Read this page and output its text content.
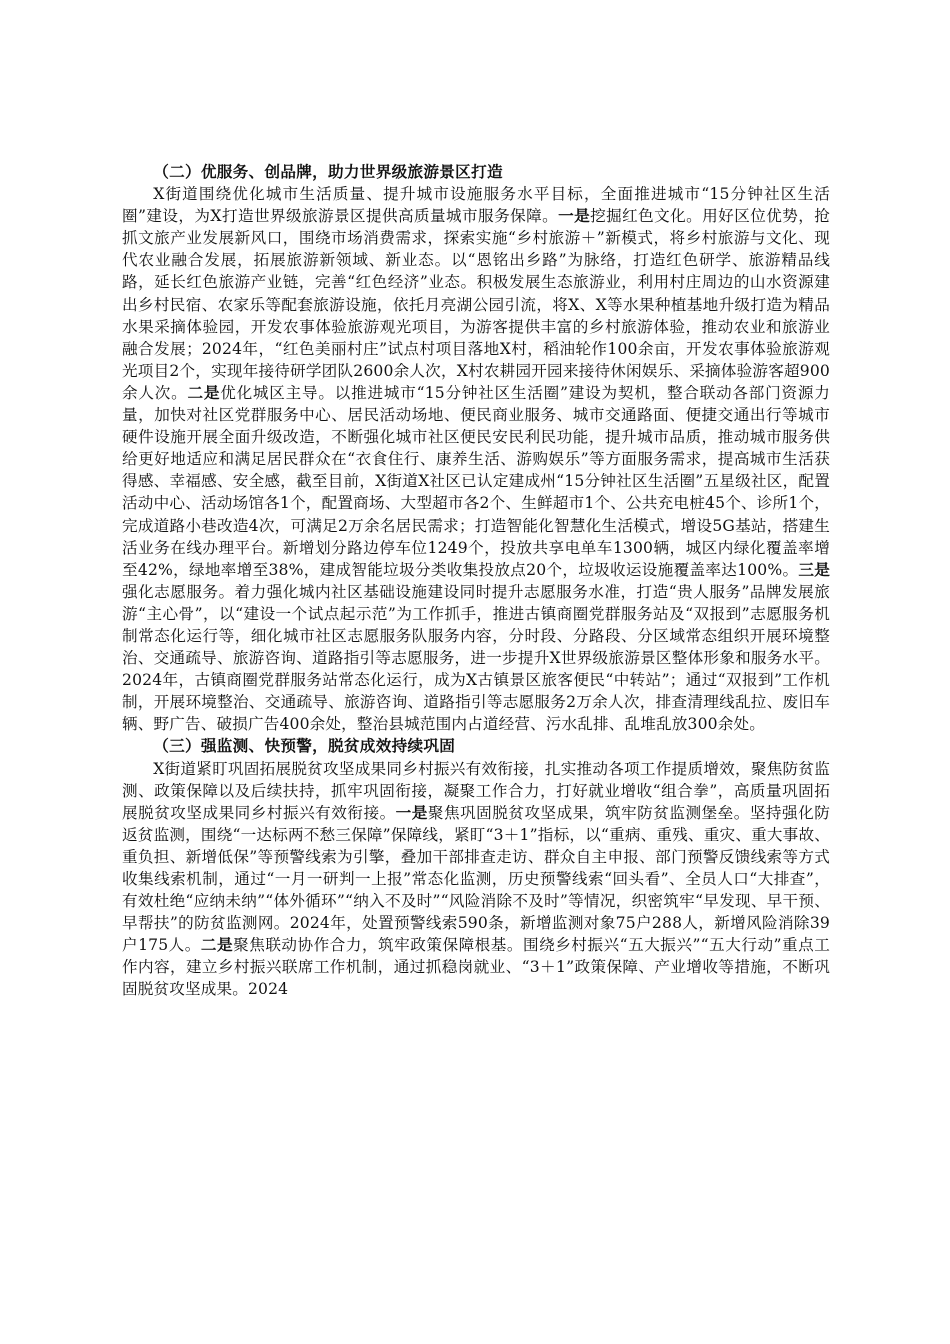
（二）优服务、创品牌，助力世界级旅游景区打造

X街道围绕优化城市生活质量、提升城市设施服务水平目标，全面推进城市“15分钟社区生活圈”建设，为X打造世界级旅游景区提供高质量城市服务保障。一是挖掘红色文化。用好区位优势，抢抓文旅产业发展新风口，围绕市场消费需求，探索实施“乡村旅游＋”新模式，将乡村旅游与文化、现代农业融合发展，拓展旅游新领域、新业态。以“恩铭出乡路”为脉络，打造红色研学、旅游精品线路，延长红色旅游产业链，完善“红色经济”业态。积极发展生态旅游业，利用村庄周边的山水资源建出乡村民宿、农家乐等配套旅游设施，依托月亮湖公园引流，将X、X等水果种植基地升级打造为精品水果采摘体验园，开发农事体验旅游观光项目，为游客提供丰富的乡村旅游体验，推动农业和旅游业融合发展；2024年，“红色美丽村庄”试点村项目落地X村，稻油轮作100余亩，开发农事体验旅游观光项目2个，实现年接待研学团队2600余人次，X村农耕园开园来接待休闲娱乐、采摘体验游客超900余人次。二是优化城区主导。以推进城市“15分钟社区生活圈”建设为契机，整合联动各部门资源力量，加快对社区党群服务中心、居民活动场地、便民商业服务、城市交通路面、便捷交通出行等城市硬件设施开展全面升级改造，不断强化城市社区便民安民利民功能，提升城市品质，推动城市服务供给更好地适应和满足居民群众在“衣食住行、康养生活、游购娱乐”等方面服务需求，提高城市生活获得感、幸福感、安全感，截至目前，X街道X社区已认定建成州“15分钟社区生活圈”五星级社区，配置活动中心、活动场馆各1个，配置商场、大型超市各2个、生鲜超市1个、公共充电桩45个、诊所1个，完成道路小巷改造4次，可满足2万余名居民需求；打造智能化智慧化生活模式，增设5G基站，搭建生活业务在线办理平台。新增划分路边停车位1249个，投放共享电单车1300辆，城区内绿化覆盖率增至42%，绿地率增至38%，建成智能垃圾分类收集投放点20个，垃圾收运设施覆盖率达100%。三是强化志愿服务。着力强化城内社区基础设施建设同时提升志愿服务水准，打造“贵人服务”品牌发展旅游“主心骨”，以“建设一个试点起示范”为工作抓手，推进古镇商圈党群服务站及“双报到”志愿服务机制常态化运行等，细化城市社区志愿服务队服务内容，分时段、分路段、分区域常态组织开展环境整治、交通疏导、旅游咨询、道路指引等志愿服务，进一步提升X世界级旅游景区整体形象和服务水平。2024年，古镇商圈党群服务站常态化运行，成为X古镇景区旅客便民“中转站”；通过“双报到”工作机制，开展环境整治、交通疏导、旅游咨询、道路指引等志愿服务2万余人次，排查清理线乱拉、废旧车辆、野广告、破损广告400余处，整治县城范围内占道经营、污水乱排、乱堆乱放300余处。

（三）强监测、快预警，脱贫成效持续巩固

X街道紧盯巩固拓展脱贫攻坚成果同乡村振兴有效衔接，扎实推动各项工作提质增效，聚焦防贫监测、政策保障以及后续扶持，抓牢巩固衔接，凝聚工作合力，打好就业增收“组合拳”，高质量巩固拓展脱贫攻坚成果同乡村振兴有效衔接。一是聚焦巩固脱贫攻坚成果，筑牢防贫监测堡垒。坚持强化防返贫监测，围绕“一达标两不愁三保障”保障线，紧盯“3＋1”指标，以“重病、重残、重灾、重大事故、重负担、新增低保”等预警线索为引擎，叠加干部排查走访、群众自主申报、部门预警反馈线索等方式收集线索机制，通过“一月一研判一上报”常态化监测，历史预警线索“回头看”、全员人口“大排查”，有效杜绝“应纳未纳”“体外循环”“纳入不及时”“风险消除不及时”等情况，织密筑牢“早发现、早干预、早帮扶”的防贫监测网。2024年，处置预警线索590条，新增监测对象75户288人，新增风险消除39户175人。二是聚焦联动协作合力，筑牢政策保障根基。围绕乡村振兴“五大振兴”“五大行动”重点工作内容，建立乡村振兴联席工作机制，通过抓稳岗就业、“3＋1”政策保障、产业增收等措施，不断巩固脱贫攻坚成果。2024
